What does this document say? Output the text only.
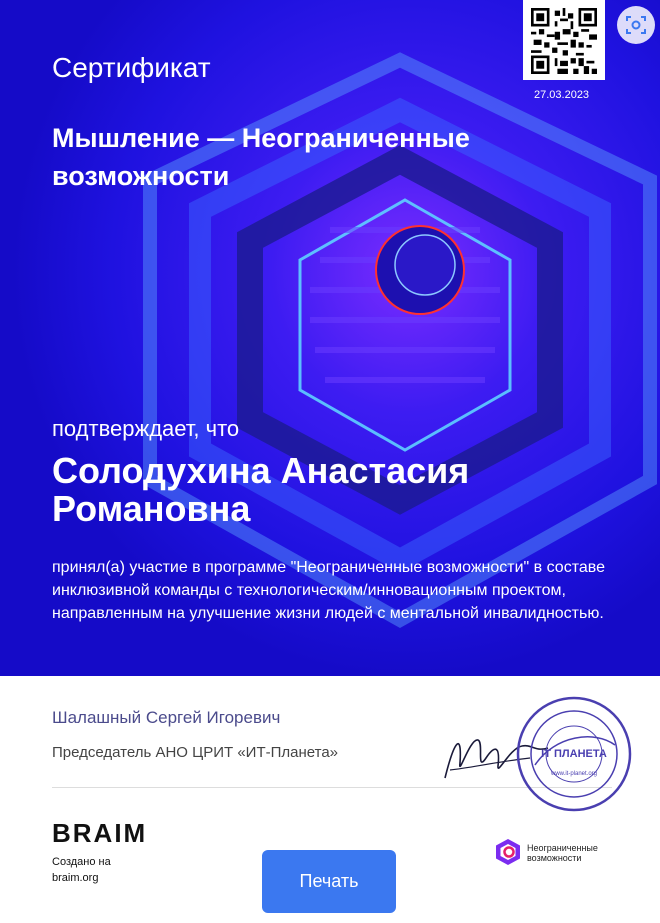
Сертификат
Мышление — Неограниченные возможности
подтверждает, что
Солодухина Анастасия Романовна
принял(а) участие в программе "Неограниченные возможности" в составе инклюзивной команды с технологическим/инновационным проектом, направленным на улучшение жизни людей с ментальной инвалидностью.
27.03.2023
Шалашный Сергей Игоревич
Председатель АНО ЦРИТ «ИТ-Планета»	IT ПЛАНЕТА
www.it-planet.org
BRAIM
Создано на
braim.org	Печать
Неограниченные
возможности
